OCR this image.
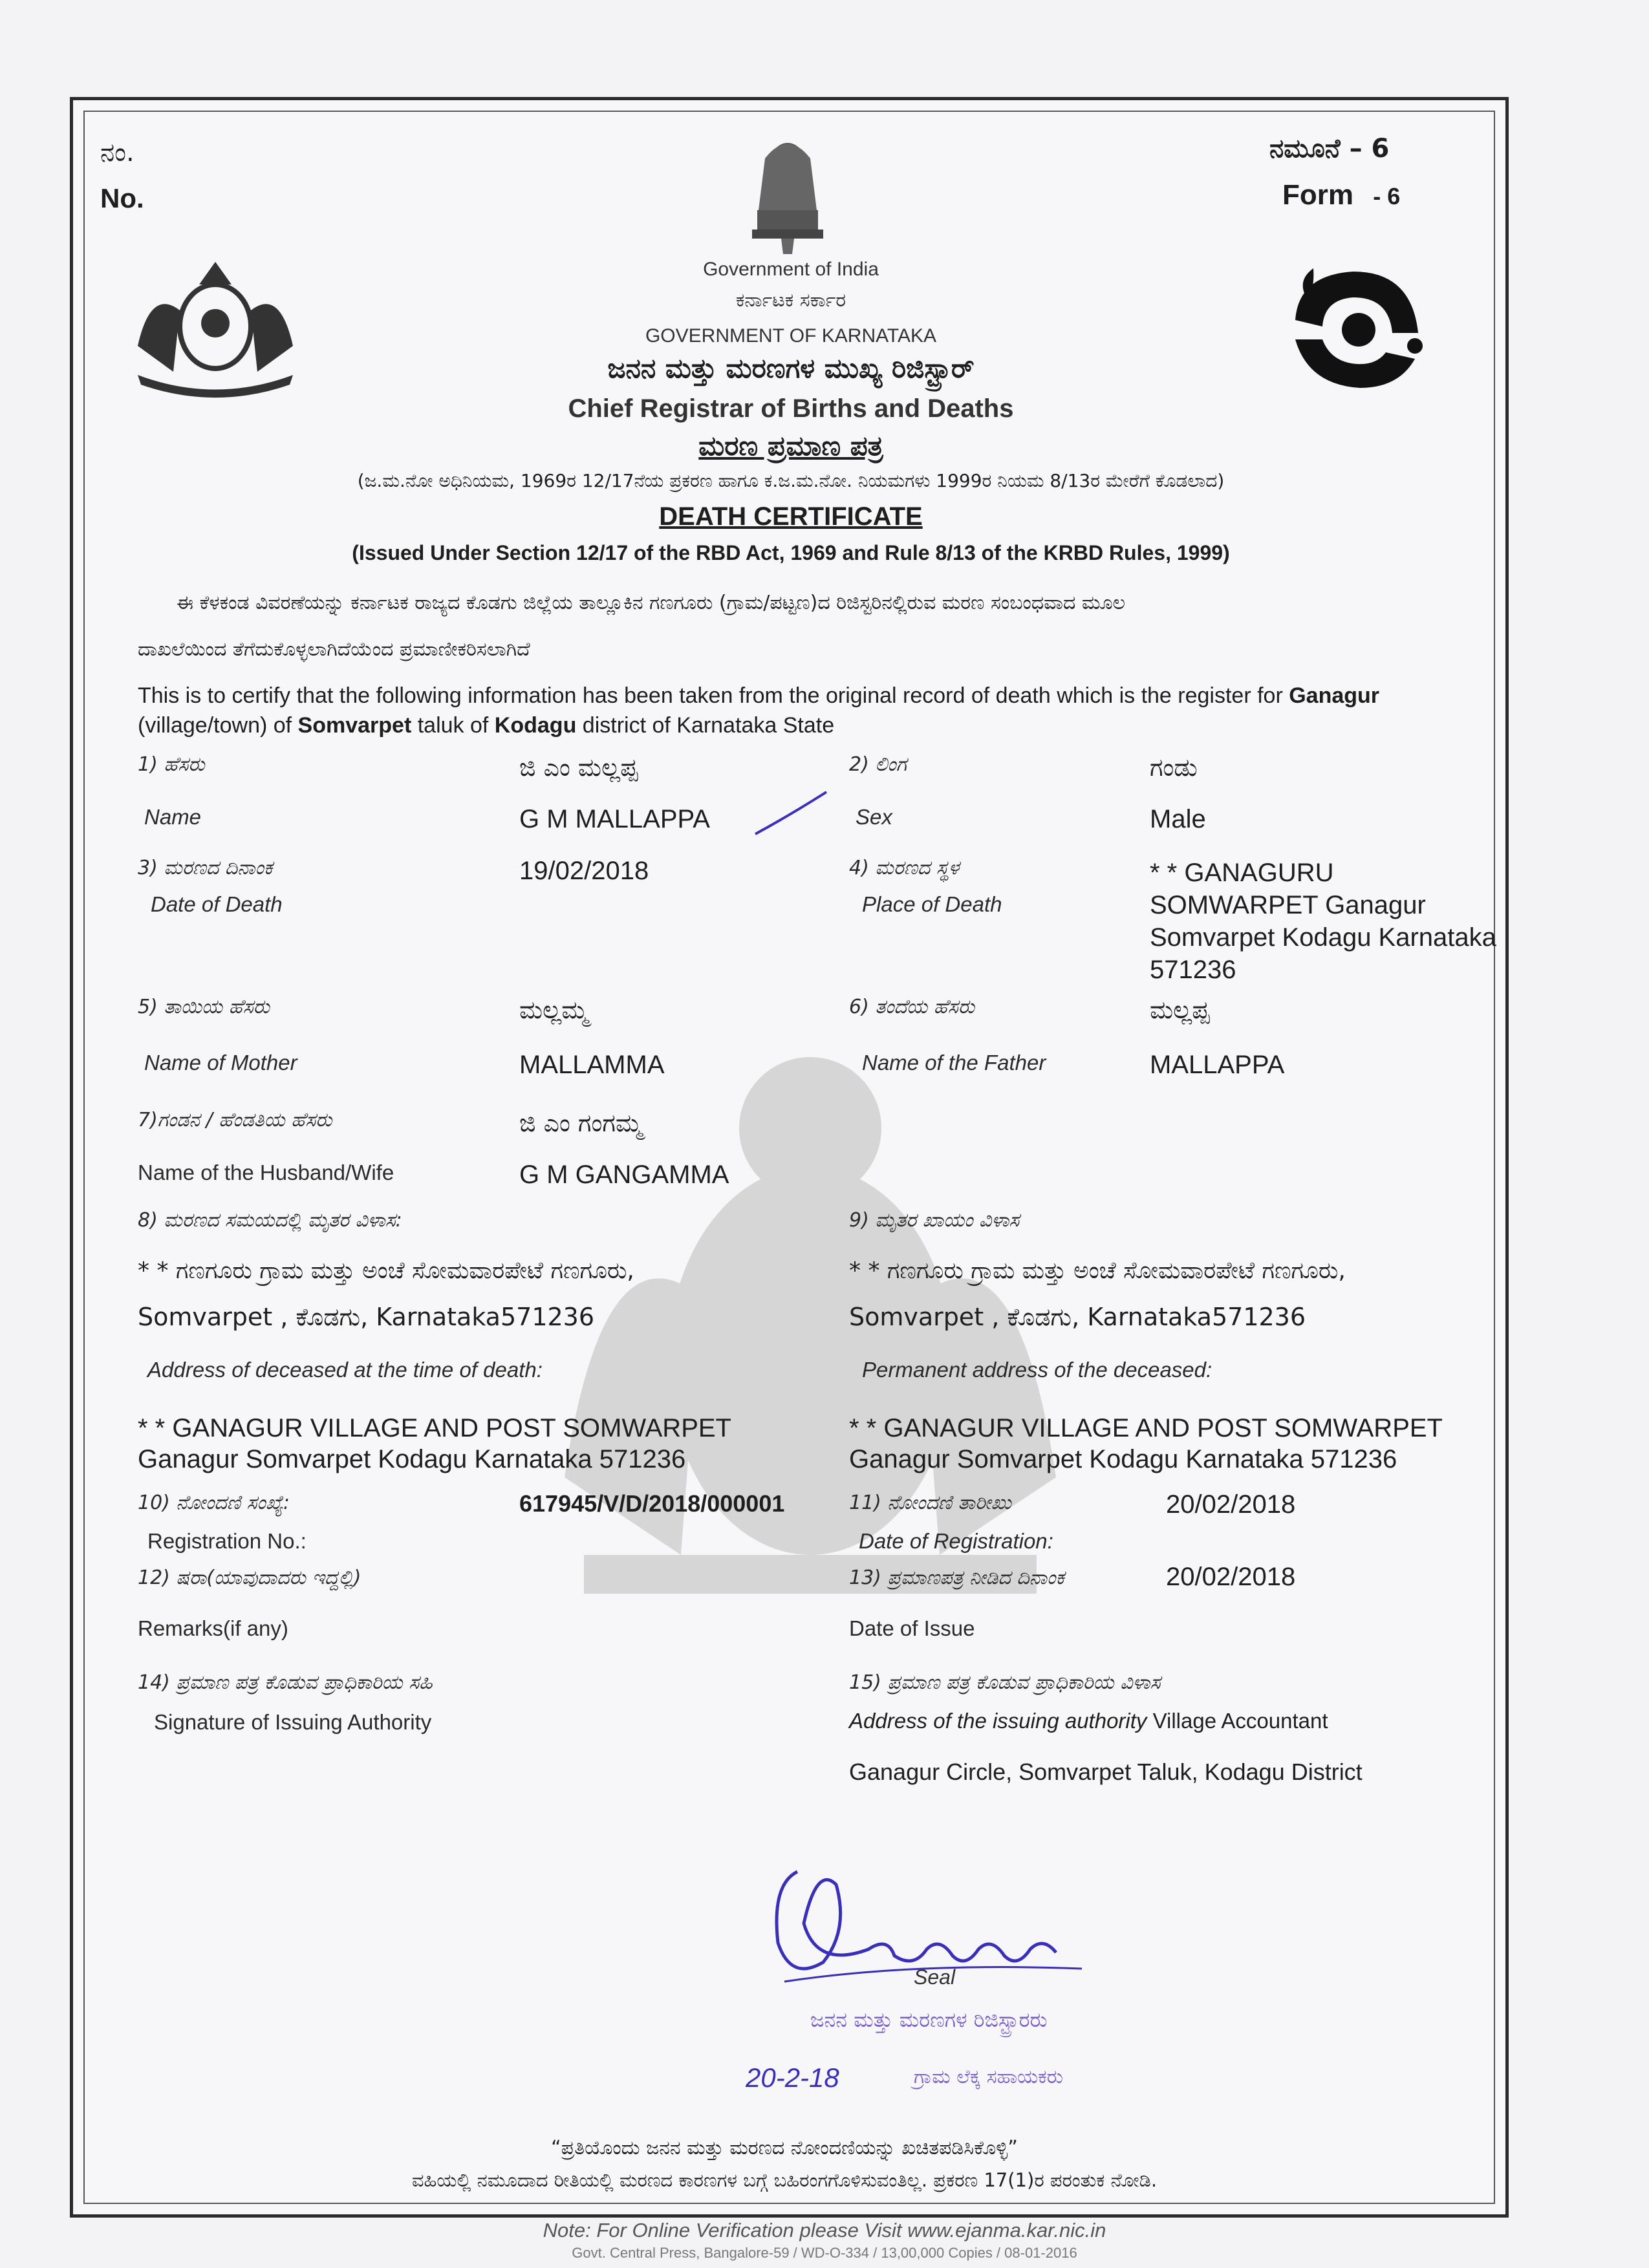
ನಂ.
No.
ನಮೂನೆ – 6
Form - 6
Government of India
ಕರ್ನಾಟಕ ಸರ್ಕಾರ
GOVERNMENT OF KARNATAKA
ಜನನ ಮತ್ತು ಮರಣಗಳ ಮುಖ್ಯ ರಿಜಿಸ್ಟ್ರಾರ್
Chief Registrar of Births and Deaths
ಮರಣ ಪ್ರಮಾಣ ಪತ್ರ
(ಜ.ಮ.ನೋ ಅಧಿನಿಯಮ, 1969ರ 12/17ನೆಯ ಪ್ರಕರಣ ಹಾಗೂ ಕ.ಜ.ಮ.ನೋ. ನಿಯಮಗಳು 1999ರ ನಿಯಮ 8/13ರ ಮೇರೆಗೆ ಕೊಡಲಾದ)
DEATH CERTIFICATE
(Issued Under Section 12/17 of the RBD Act, 1969 and Rule 8/13 of the KRBD Rules, 1999)
ಈ ಕೆಳಕಂಡ ವಿವರಣೆಯನ್ನು ಕರ್ನಾಟಕ ರಾಜ್ಯದ ಕೊಡಗು ಜಿಲ್ಲೆಯ ತಾಲ್ಲೂಕಿನ ಗಣಗೂರು (ಗ್ರಾಮ/ಪಟ್ಟಣ)ದ ರಿಜಿಸ್ಟರಿನಲ್ಲಿರುವ ಮರಣ ಸಂಬಂಧವಾದ ಮೂಲ
ದಾಖಲೆಯಿಂದ ತೆಗೆದುಕೊಳ್ಳಲಾಗಿದೆಯೆಂದ ಪ್ರಮಾಣೀಕರಿಸಲಾಗಿದೆ
This is to certify that the following information has been taken from the original record of death which is the register for Ganagur
(village/town) of Somvarpet taluk of Kodagu district of Karnataka State
1) ಹೆಸರು
Name
ಜಿ ಎಂ ಮಲ್ಲಪ್ಪ
G M MALLAPPA
2) ಲಿಂಗ
Sex
ಗಂಡು
Male
3) ಮರಣದ ದಿನಾಂಕ
Date of Death
19/02/2018	4) ಮರಣದ ಸ್ಥಳ
Place of Death
* * GANAGURU
SOMWARPET Ganagur
Somvarpet Kodagu Karnataka
571236
5) ತಾಯಿಯ ಹೆಸರು
Name of Mother
ಮಲ್ಲಮ್ಮ
MALLAMMA
6) ತಂದೆಯ ಹೆಸರು
Name of the Father
ಮಲ್ಲಪ್ಪ
MALLAPPA
7)ಗಂಡನ / ಹೆಂಡತಿಯ ಹೆಸರು
Name of the Husband/Wife
ಜಿ ಎಂ ಗಂಗಮ್ಮ
G M GANGAMMA
8) ಮರಣದ ಸಮಯದಲ್ಲಿ ಮೃತರ ವಿಳಾಸ:
* * ಗಣಗೂರು ಗ್ರಾಮ ಮತ್ತು ಅಂಚೆ ಸೋಮವಾರಪೇಟೆ ಗಣಗೂರು,
Somvarpet , ಕೊಡಗು, Karnataka571236
Address of deceased at the time of death:
* * GANAGUR VILLAGE AND POST SOMWARPET
Ganagur Somvarpet Kodagu Karnataka 571236
9) ಮೃತರ ಖಾಯಂ ವಿಳಾಸ
* * ಗಣಗೂರು ಗ್ರಾಮ ಮತ್ತು ಅಂಚೆ ಸೋಮವಾರಪೇಟೆ ಗಣಗೂರು,
Somvarpet , ಕೊಡಗು, Karnataka571236
Permanent address of the deceased:
* * GANAGUR VILLAGE AND POST SOMWARPET
Ganagur Somvarpet Kodagu Karnataka 571236
10) ನೋಂದಣಿ ಸಂಖ್ಯೆ:
Registration No.:
617945/V/D/2018/000001	11) ನೋಂದಣಿ ತಾರೀಖು
Date of Registration:
20/02/2018
12) ಷರಾ(ಯಾವುದಾದರು ಇದ್ದಲ್ಲಿ)
Remarks(if any)
13) ಪ್ರಮಾಣಪತ್ರ ನೀಡಿದ ದಿನಾಂಕ
Date of Issue
20/02/2018
14) ಪ್ರಮಾಣ ಪತ್ರ ಕೊಡುವ ಪ್ರಾಧಿಕಾರಿಯ ಸಹಿ
Signature of Issuing Authority
15) ಪ್ರಮಾಣ ಪತ್ರ ಕೊಡುವ ಪ್ರಾಧಿಕಾರಿಯ ವಿಳಾಸ
Address of the issuing authority Village Accountant
Ganagur Circle, Somvarpet Taluk, Kodagu District
Seal
ಜನನ ಮತ್ತು ಮರಣಗಳ ರಿಜಿಸ್ಟ್ರಾರರು
ಗ್ರಾಮ ಲೆಕ್ಕ ಸಹಾಯಕರು
20-2-18
“ಪ್ರತಿಯೊಂದು ಜನನ ಮತ್ತು ಮರಣದ ನೋಂದಣಿಯನ್ನು ಖಚಿತಪಡಿಸಿಕೊಳ್ಳಿ”
ವಹಿಯಲ್ಲಿ ನಮೂದಾದ ರೀತಿಯಲ್ಲಿ ಮರಣದ ಕಾರಣಗಳ ಬಗ್ಗೆ ಬಹಿರಂಗಗೊಳಿಸುವಂತಿಲ್ಲ. ಪ್ರಕರಣ 17(1)ರ ಪರಂತುಕ ನೋಡಿ.
Note: For Online Verification please Visit www.ejanma.kar.nic.in
Govt. Central Press, Bangalore-59 / WD-O-334 / 13,00,000 Copies / 08-01-2016
